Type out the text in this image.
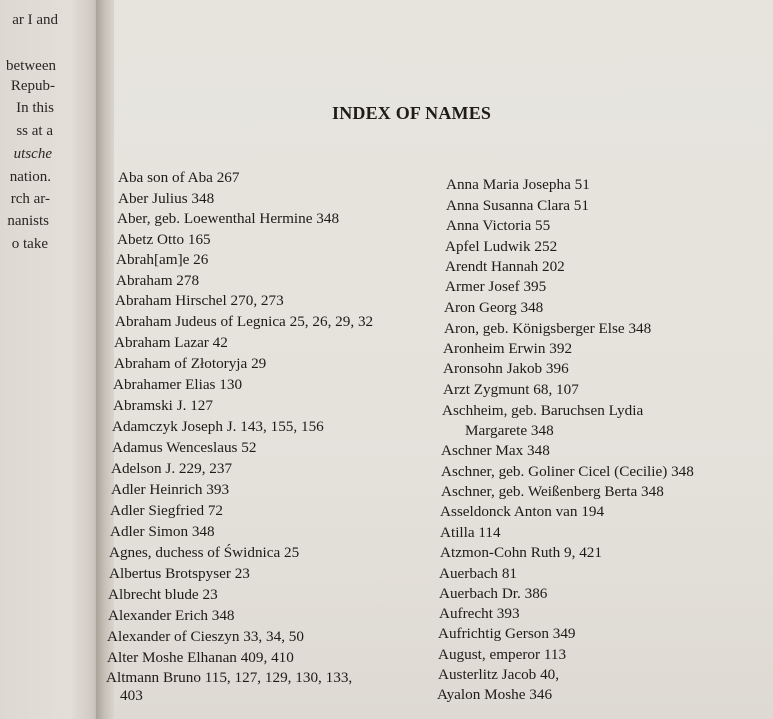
ar I and
between
Repub-
In this
ss at a
utsche
nation.
rch ar-
nanists
o take
INDEX OF NAMES
Aba son of Aba 267
Aber Julius 348
Aber, geb. Loewenthal Hermine 348
Abetz Otto 165
Abrah[am]e 26
Abraham 278
Abraham Hirschel 270, 273
Abraham Judeus of Legnica 25, 26, 29, 32
Abraham Lazar 42
Abraham of Złotoryja 29
Abrahamer Elias 130
Abramski J. 127
Adamczyk Joseph J. 143, 155, 156
Adamus Wenceslaus 52
Adelson J. 229, 237
Adler Heinrich 393
Adler Siegfried 72
Adler Simon 348
Agnes, duchess of Świdnica 25
Albertus Brotspyser 23
Albrecht blude 23
Alexander Erich 348
Alexander of Cieszyn 33, 34, 50
Alter Moshe Elhanan 409, 410
Altmann Bruno 115, 127, 129, 130, 133,
403
Anna Maria Josepha 51
Anna Susanna Clara 51
Anna Victoria 55
Apfel Ludwik 252
Arendt Hannah 202
Armer Josef 395
Aron Georg 348
Aron, geb. Königsberger Else 348
Aronheim Erwin 392
Aronsohn Jakob 396
Arzt Zygmunt 68, 107
Aschheim, geb. Baruchsen Lydia
Margarete 348
Aschner Max 348
Aschner, geb. Goliner Cicel (Cecilie) 348
Aschner, geb. Weißenberg Berta 348
Asseldonck Anton van 194
Atilla 114
Atzmon-Cohn Ruth 9, 421
Auerbach 81
Auerbach Dr. 386
Aufrecht 393
Aufrichtig Gerson 349
August, emperor 113
Austerlitz Jacob 40,
Ayalon Moshe 346
